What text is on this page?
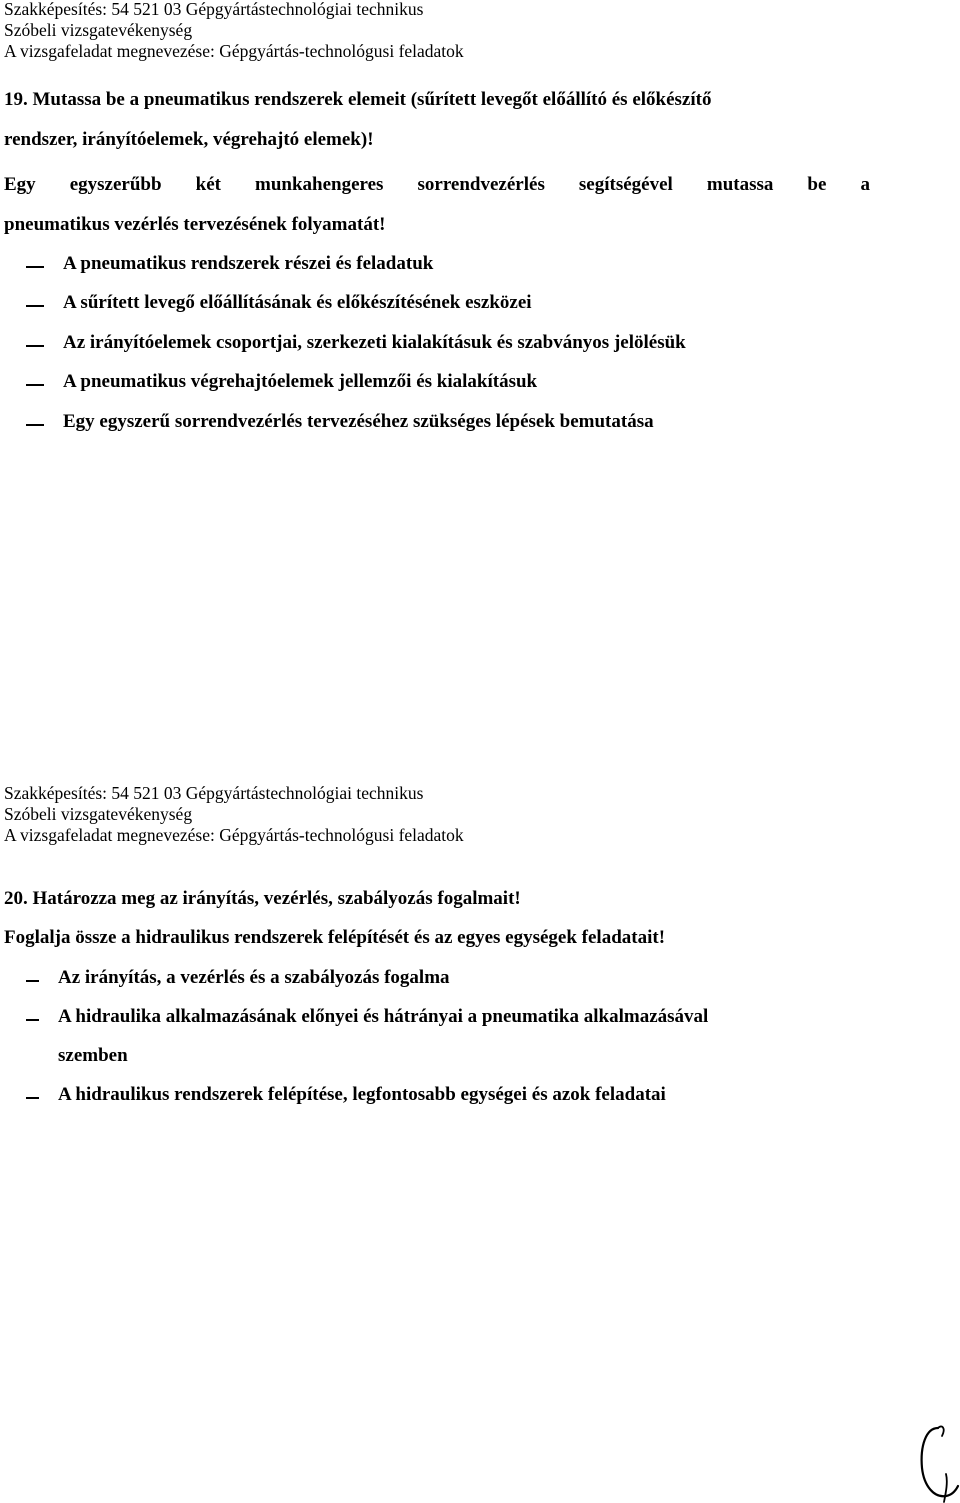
Szakképesítés: 54 521 03 Gépgyártástechnológiai technikus
Szóbeli vizsgatevékenység
A vizsgafeladat megnevezése: Gépgyártás-technológusi feladatok
19. Mutassa be a pneumatikus rendszerek elemeit (sűrített levegőt előállító és előkészítő
rendszer, irányítóelemek, végrehajtó elemek)!
Egy egyszerűbb két munkahengeres sorrendvezérlés segítségével mutassa be a
pneumatikus vezérlés tervezésének folyamatát!
A pneumatikus rendszerek részei és feladatuk
A sűrített levegő előállításának és előkészítésének eszközei
Az irányítóelemek csoportjai, szerkezeti kialakításuk és szabványos jelölésük
A pneumatikus végrehajtóelemek jellemzői és kialakításuk
Egy egyszerű sorrendvezérlés tervezéséhez szükséges lépések bemutatása
Szakképesítés: 54 521 03 Gépgyártástechnológiai technikus
Szóbeli vizsgatevékenység
A vizsgafeladat megnevezése: Gépgyártás-technológusi feladatok
20. Határozza meg az irányítás, vezérlés, szabályozás fogalmait!
Foglalja össze a hidraulikus rendszerek felépítését és az egyes egységek feladatait!
Az irányítás, a vezérlés és a szabályozás fogalma
A hidraulika alkalmazásának előnyei és hátrányai a pneumatika alkalmazásával
szemben
A hidraulikus rendszerek felépítése, legfontosabb egységei és azok feladatai
